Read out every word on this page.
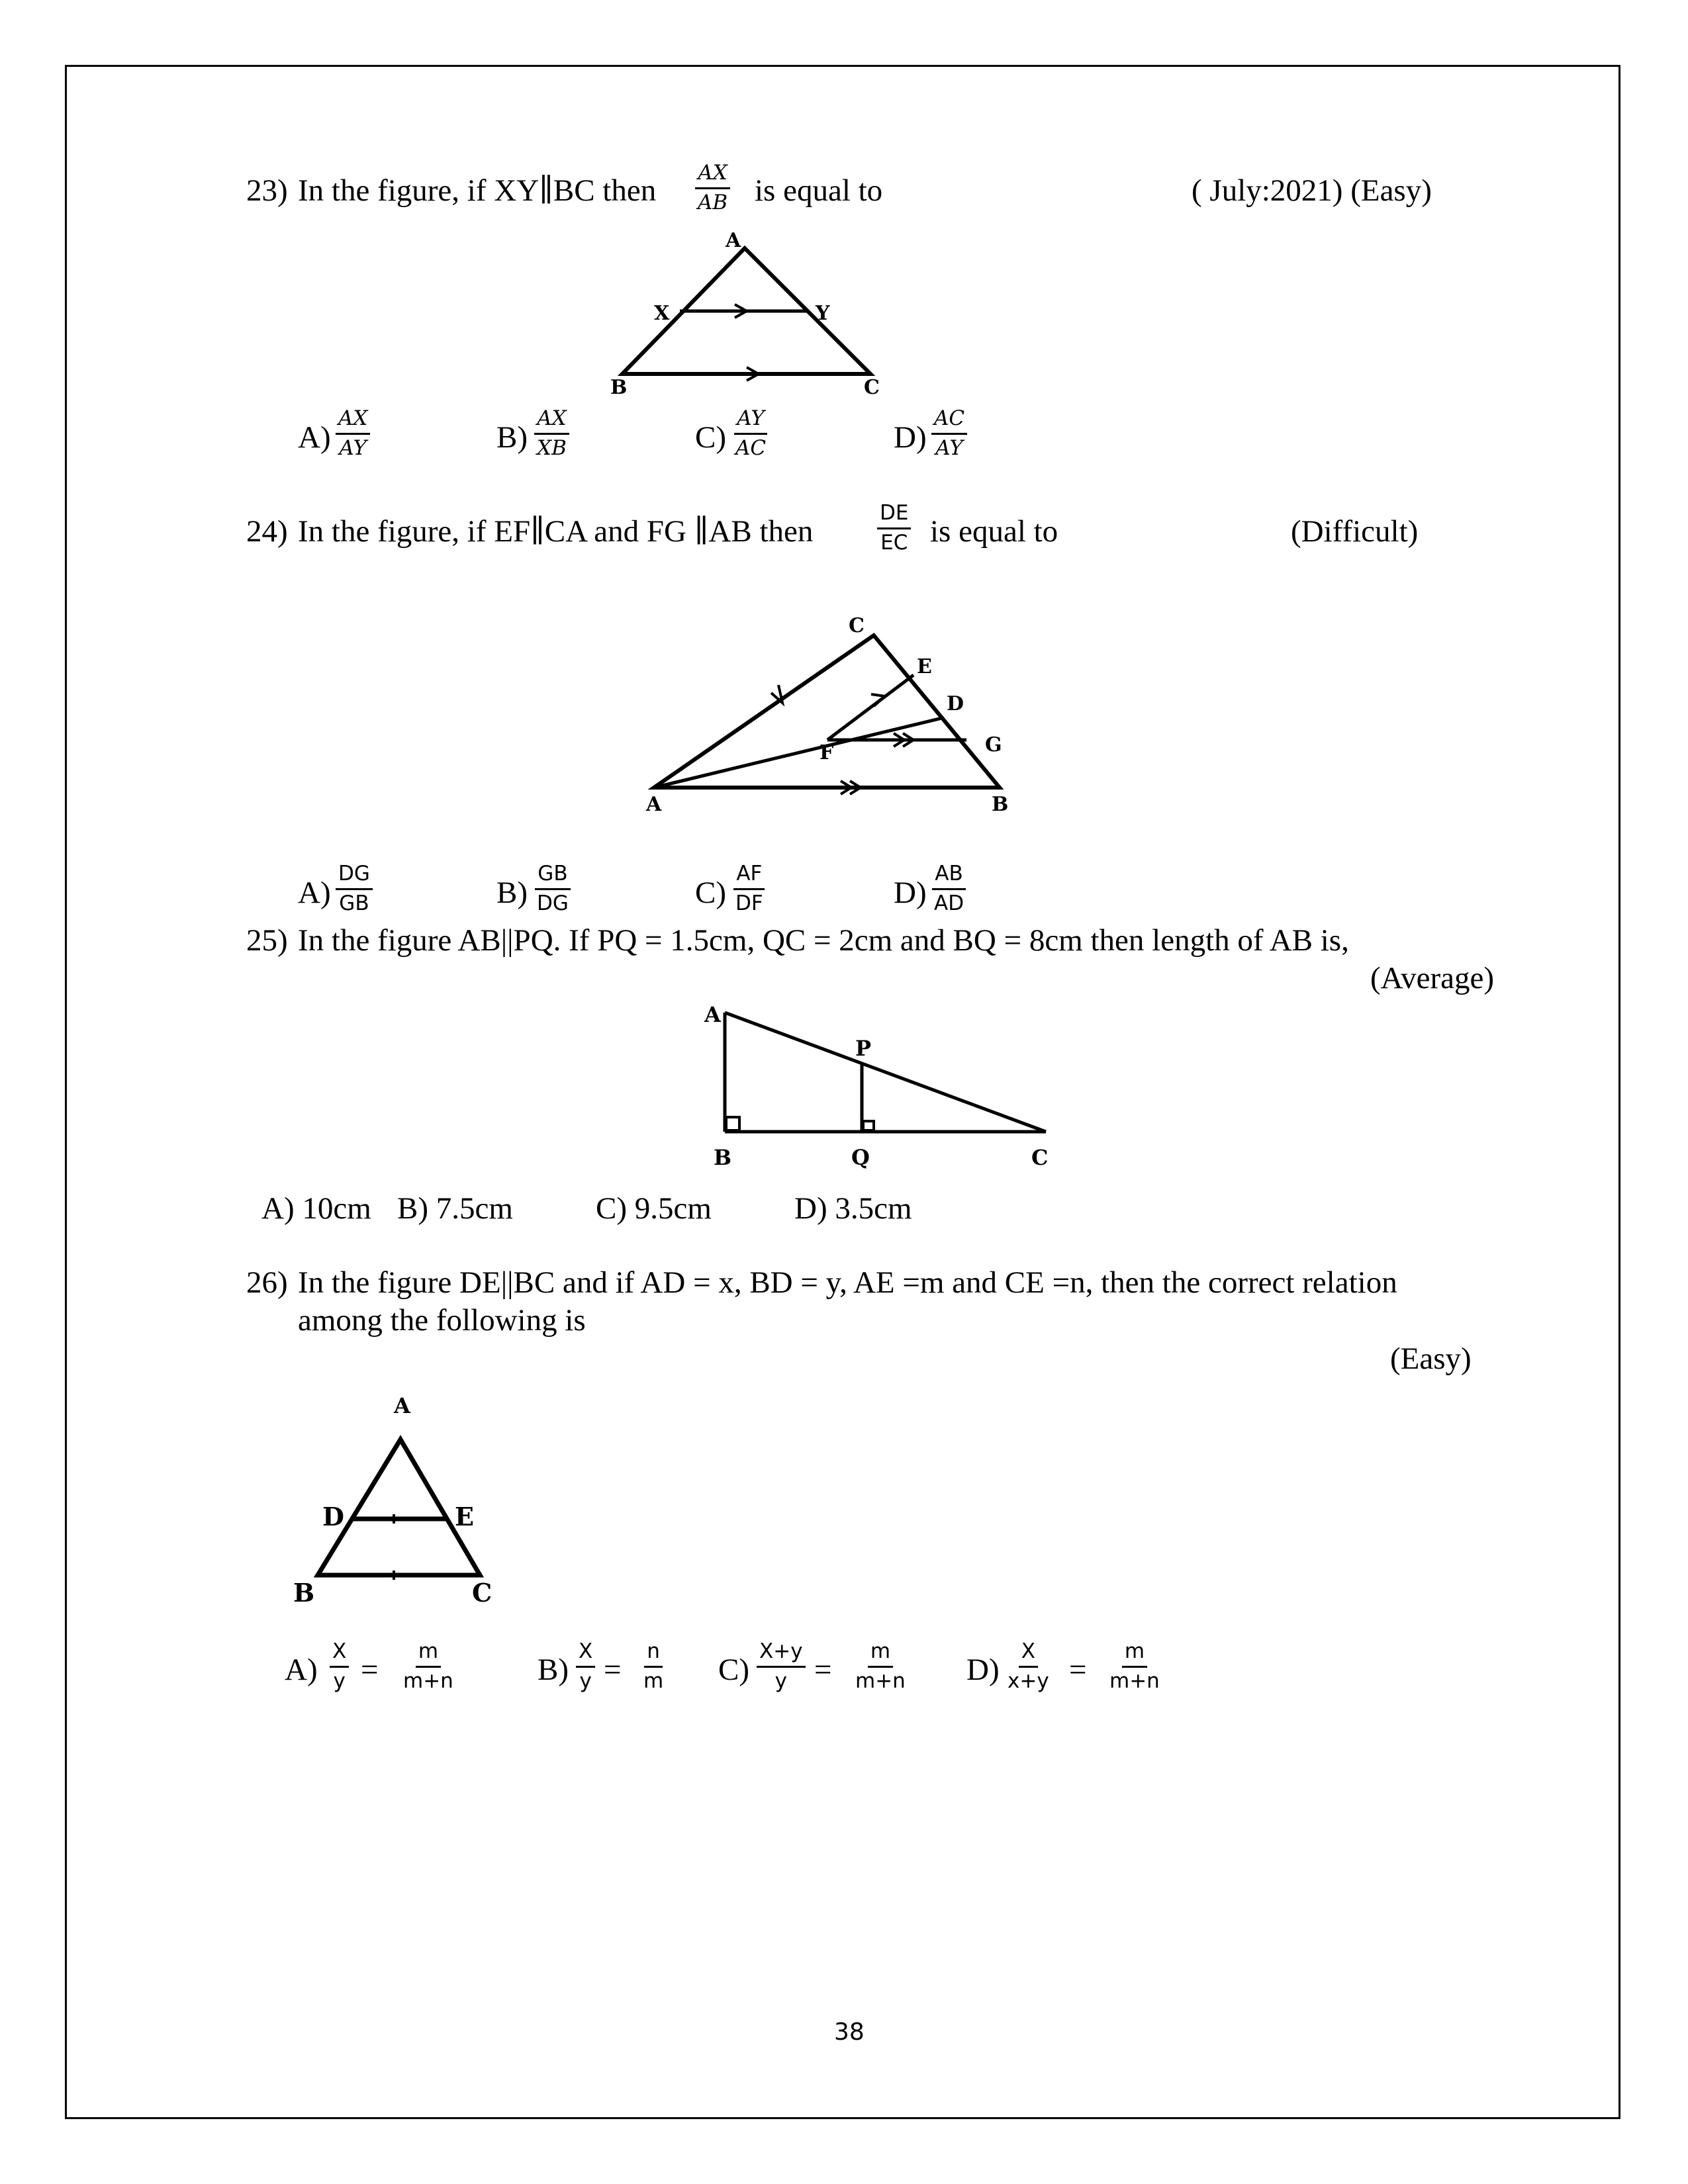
23) In the figure, if XY∥BC then $\frac{AX}{AB}$ is equal to	( July:2021) (Easy)
A
X	Y
B	C
$A) \frac{AX}{AY}$	$B) \frac{AX}{XB}$	$C) \frac{AY}{AC}$	$D) \frac{AC}{AY}$
24) In the figure, if EF∥CA and FG ∥AB then	$\frac{DE}{EC}$ is equal to	(Difficult)
C
E
D
G
F
A	B
$A) \frac{DG}{GB}$	$B) \frac{GB}{DG}$	$C) \frac{AF}{DF}$	$D) \frac{AB}{AD}$
25) In the figure AB||PQ. If PQ = 1.5cm, QC = 2cm and BQ = 8cm then length of AB is,
(Average)
A
P
B	Q	C
A) 10cm B) 7.5cm	C) 9.5cm	D) 3.5cm
26) In the figure DE||BC and if AD = x, BD = y, AE =m and CE =n, then the correct relation
among the following is
(Easy)
A
D	E
B	C
$A) \frac{X}{y} = \frac{m}{m+n}$	$B) \frac{X}{y} = \frac{n}{m} C) \frac{X+y}{y} = \frac{m}{m+n} D) \frac{X}{x+y} = \frac{m}{m+n}$
38
